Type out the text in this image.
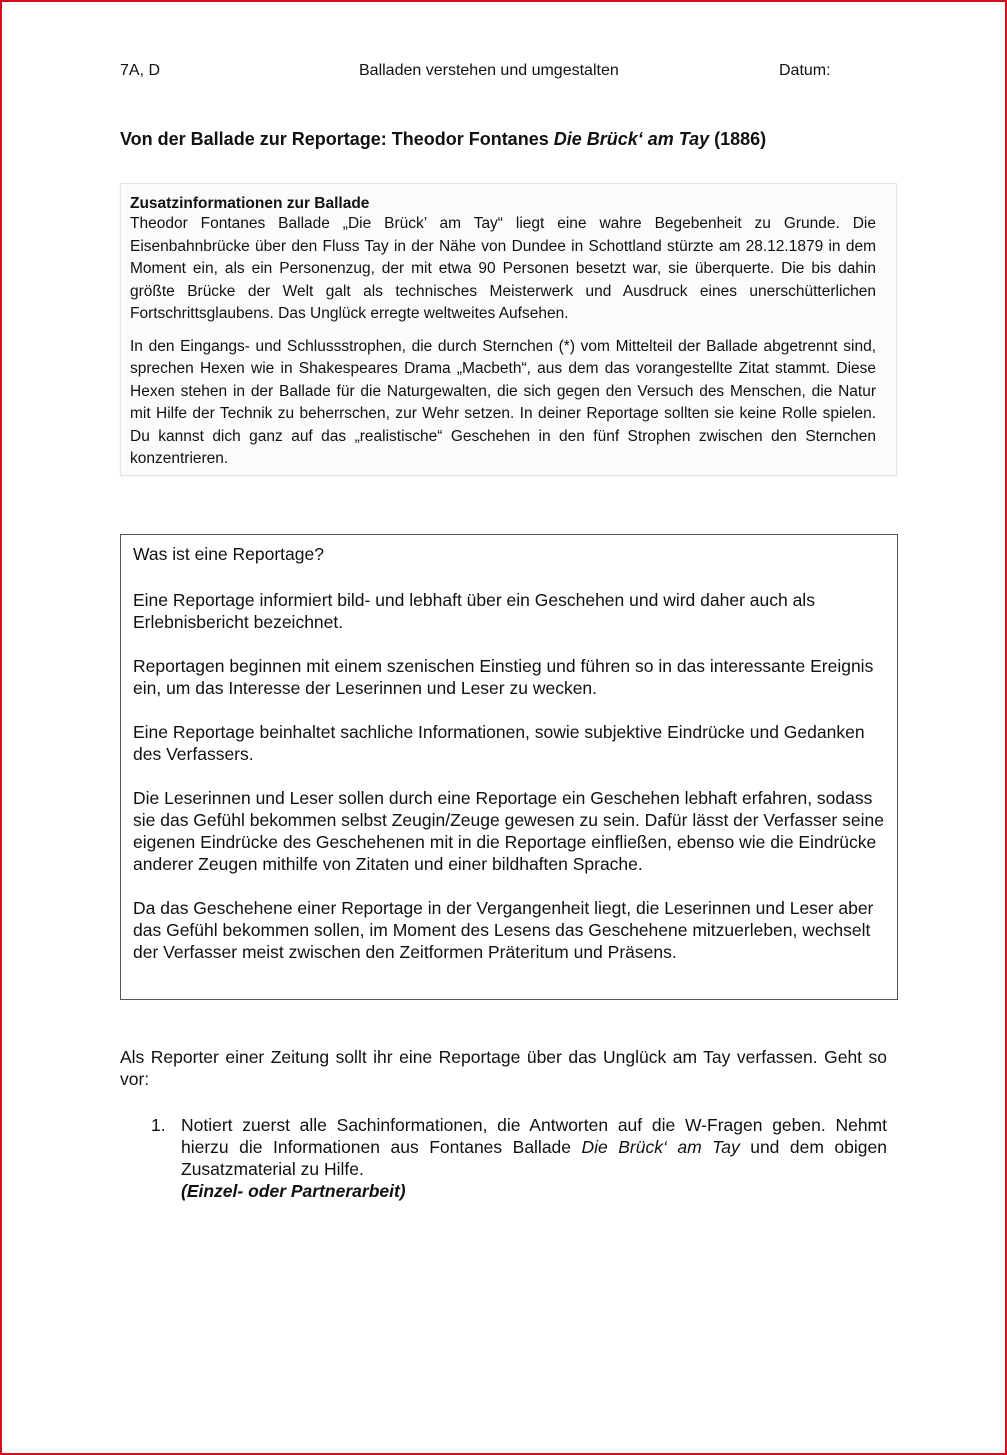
7A, D	Balladen verstehen und umgestalten	Datum:
Von der Ballade zur Reportage: Theodor Fontanes Die Brück‘ am Tay (1886)
Zusatzinformationen zur Ballade

Theodor Fontanes Ballade „Die Brück’ am Tay“ liegt eine wahre Begebenheit zu Grunde. Die Eisenbahnbrücke über den Fluss Tay in der Nähe von Dundee in Schottland stürzte am 28.12.1879 in dem Moment ein, als ein Personenzug, der mit etwa 90 Personen besetzt war, sie überquerte. Die bis dahin größte Brücke der Welt galt als technisches Meisterwerk und Ausdruck eines unerschütterlichen Fortschrittsglaubens. Das Unglück erregte weltweites Aufsehen.

In den Eingangs- und Schlussstrophen, die durch Sternchen (*) vom Mittelteil der Ballade abgetrennt sind, sprechen Hexen wie in Shakespeares Drama „Macbeth“, aus dem das vorangestellte Zitat stammt. Diese Hexen stehen in der Ballade für die Naturgewalten, die sich gegen den Versuch des Menschen, die Natur mit Hilfe der Technik zu beherrschen, zur Wehr setzen. In deiner Reportage sollten sie keine Rolle spielen. Du kannst dich ganz auf das „realistische“ Geschehen in den fünf Strophen zwischen den Sternchen konzentrieren.

Was ist eine Reportage?

Eine Reportage informiert bild- und lebhaft über ein Geschehen und wird daher auch als Erlebnisbericht bezeichnet.

Reportagen beginnen mit einem szenischen Einstieg und führen so in das interessante Ereignis ein, um das Interesse der Leserinnen und Leser zu wecken.

Eine Reportage beinhaltet sachliche Informationen, sowie subjektive Eindrücke und Gedanken des Verfassers.

Die Leserinnen und Leser sollen durch eine Reportage ein Geschehen lebhaft erfahren, sodass sie das Gefühl bekommen selbst Zeugin/Zeuge gewesen zu sein. Dafür lässt der Verfasser seine eigenen Eindrücke des Geschehenen mit in die Reportage einfließen, ebenso wie die Eindrücke anderer Zeugen mithilfe von Zitaten und einer bildhaften Sprache.

Da das Geschehene einer Reportage in der Vergangenheit liegt, die Leserinnen und Leser aber das Gefühl bekommen sollen, im Moment des Lesens das Geschehene mitzuerleben, wechselt der Verfasser meist zwischen den Zeitformen Präteritum und Präsens.

Als Reporter einer Zeitung sollt ihr eine Reportage über das Unglück am Tay verfassen. Geht so vor:

1. Notiert zuerst alle Sachinformationen, die Antworten auf die W-Fragen geben. Nehmt hierzu die Informationen aus Fontanes Ballade Die Brück‘ am Tay und dem obigen Zusatzmaterial zu Hilfe.
(Einzel- oder Partnerarbeit)
